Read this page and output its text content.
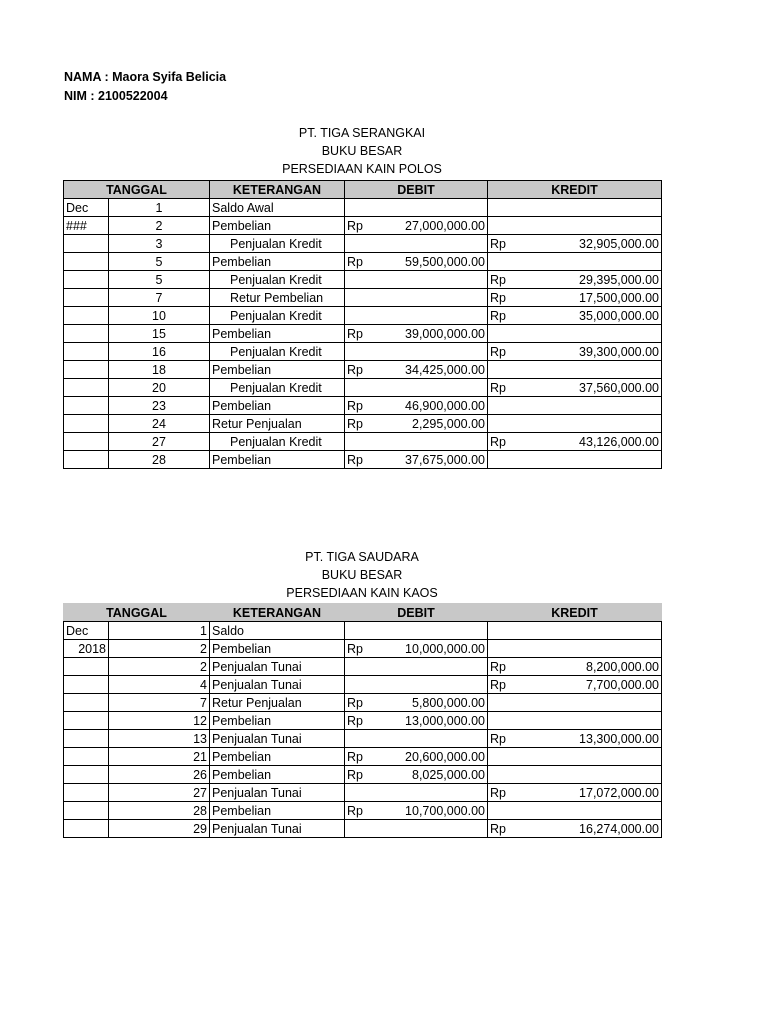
NAMA : Maora Syifa Belicia
NIM : 2100522004
PT. TIGA SERANGKAI
BUKU BESAR
PERSEDIAAN KAIN POLOS
TANGGAL		KETERANGAN	DEBIT		KREDIT	
Dec	1	Saldo Awal				
###	2	Pembelian	Rp	27,000,000.00		
	3	Penjualan Kredit			Rp	32,905,000.00
	5	Pembelian	Rp	59,500,000.00		
	5	Penjualan Kredit			Rp	29,395,000.00
	7	Retur Pembelian			Rp	17,500,000.00
	10	Penjualan Kredit			Rp	35,000,000.00
	15	Pembelian	Rp	39,000,000.00		
	16	Penjualan Kredit			Rp	39,300,000.00
	18	Pembelian	Rp	34,425,000.00		
	20	Penjualan Kredit			Rp	37,560,000.00
	23	Pembelian	Rp	46,900,000.00		
	24	Retur Penjualan	Rp	2,295,000.00		
	27	Penjualan Kredit			Rp	43,126,000.00
	28	Pembelian	Rp	37,675,000.00		
PT. TIGA SAUDARA
BUKU BESAR
PERSEDIAAN KAIN KAOS
TANGGAL		KETERANGAN	DEBIT		KREDIT	
Dec	1	Saldo				
2018	2	Pembelian	Rp	10,000,000.00		
	2	Penjualan Tunai			Rp	8,200,000.00
	4	Penjualan Tunai			Rp	7,700,000.00
	7	Retur Penjualan	Rp	5,800,000.00		
	12	Pembelian	Rp	13,000,000.00		
	13	Penjualan Tunai			Rp	13,300,000.00
	21	Pembelian	Rp	20,600,000.00		
	26	Pembelian	Rp	8,025,000.00		
	27	Penjualan Tunai			Rp	17,072,000.00
	28	Pembelian	Rp	10,700,000.00		
	29	Penjualan Tunai			Rp	16,274,000.00
